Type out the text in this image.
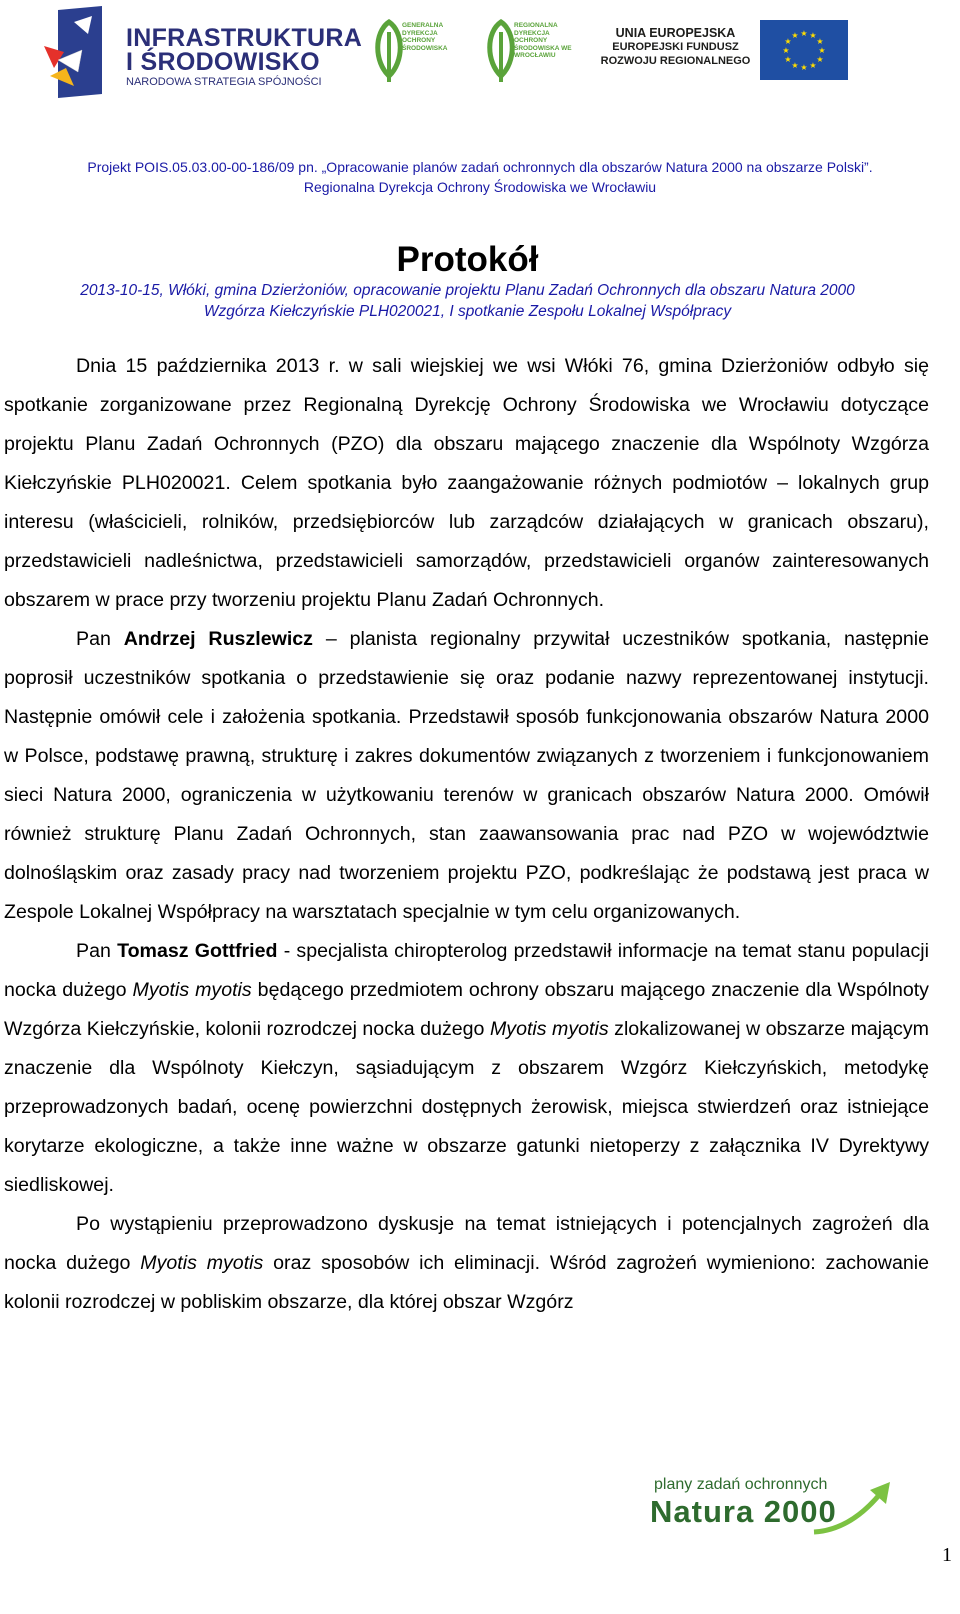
INFRASTRUKTURA
I ŚRODOWISKO
NARODOWA STRATEGIA SPÓJNOŚCI
GENERALNA DYREKCJA OCHRONY ŚRODOWISKA
REGIONALNA DYREKCJA OCHRONY ŚRODOWISKA WE WROCŁAWIU
UNIA EUROPEJSKA
EUROPEJSKI FUNDUSZ
ROZWOJU REGIONALNEGO
★ ★
★
★
★
★
★
★
★
★
★
★
Projekt POIS.05.03.00-00-186/09 pn. „Opracowanie planów zadań ochronnych dla obszarów Natura 2000 na obszarze Polski”.
Regionalna Dyrekcja Ochrony Środowiska we Wrocławiu
Protokół
2013-10-15, Włóki, gmina Dzierżoniów, opracowanie projektu Planu Zadań Ochronnych dla obszaru Natura 2000
Wzgórza Kiełczyńskie PLH020021, I spotkanie Zespołu Lokalnej Współpracy

Dnia 15 października 2013 r. w sali wiejskiej we wsi Włóki 76, gmina Dzierżoniów odbyło się spotkanie zorganizowane przez Regionalną Dyrekcję Ochrony Środowiska we Wrocławiu dotyczące projektu Planu Zadań Ochronnych (PZO) dla obszaru mającego znaczenie dla Wspólnoty Wzgórza Kiełczyńskie PLH020021. Celem spotkania było zaangażowanie różnych podmiotów – lokalnych grup interesu (właścicieli, rolników, przedsiębiorców lub zarządców działających w granicach obszaru), przedstawicieli nadleśnictwa, przedstawicieli samorządów, przedstawicieli organów zainteresowanych obszarem w prace przy tworzeniu projektu Planu Zadań Ochronnych.

Pan Andrzej Ruszlewicz – planista regionalny przywitał uczestników spotkania, następnie poprosił uczestników spotkania o przedstawienie się oraz podanie nazwy reprezentowanej instytucji. Następnie omówił cele i założenia spotkania. Przedstawił sposób funkcjonowania obszarów Natura 2000 w Polsce, podstawę prawną, strukturę i zakres dokumentów związanych z tworzeniem i funkcjonowaniem sieci Natura 2000, ograniczenia w użytkowaniu terenów w granicach obszarów Natura 2000. Omówił również strukturę Planu Zadań Ochronnych, stan zaawansowania prac nad PZO w województwie dolnośląskim oraz zasady pracy nad tworzeniem projektu PZO, podkreślając że podstawą jest praca w Zespole Lokalnej Współpracy na warsztatach specjalnie w tym celu organizowanych.

Pan Tomasz Gottfried - specjalista chiropterolog przedstawił informacje na temat stanu populacji nocka dużego Myotis myotis będącego przedmiotem ochrony obszaru mającego znaczenie dla Wspólnoty Wzgórza Kiełczyńskie, kolonii rozrodczej nocka dużego Myotis myotis zlokalizowanej w obszarze mającym znaczenie dla Wspólnoty Kiełczyn, sąsiadującym z obszarem Wzgórz Kiełczyńskich, metodykę przeprowadzonych badań, ocenę powierzchni dostępnych żerowisk, miejsca stwierdzeń oraz istniejące korytarze ekologiczne, a także inne ważne w obszarze gatunki nietoperzy z załącznika IV Dyrektywy siedliskowej.

Po wystąpieniu przeprowadzono dyskusje na temat istniejących i potencjalnych zagrożeń dla nocka dużego Myotis myotis oraz sposobów ich eliminacji. Wśród zagrożeń wymieniono: zachowanie kolonii rozrodczej w pobliskim obszarze, dla której obszar Wzgórz

plany zadań ochronnych
Natura 2000
1
